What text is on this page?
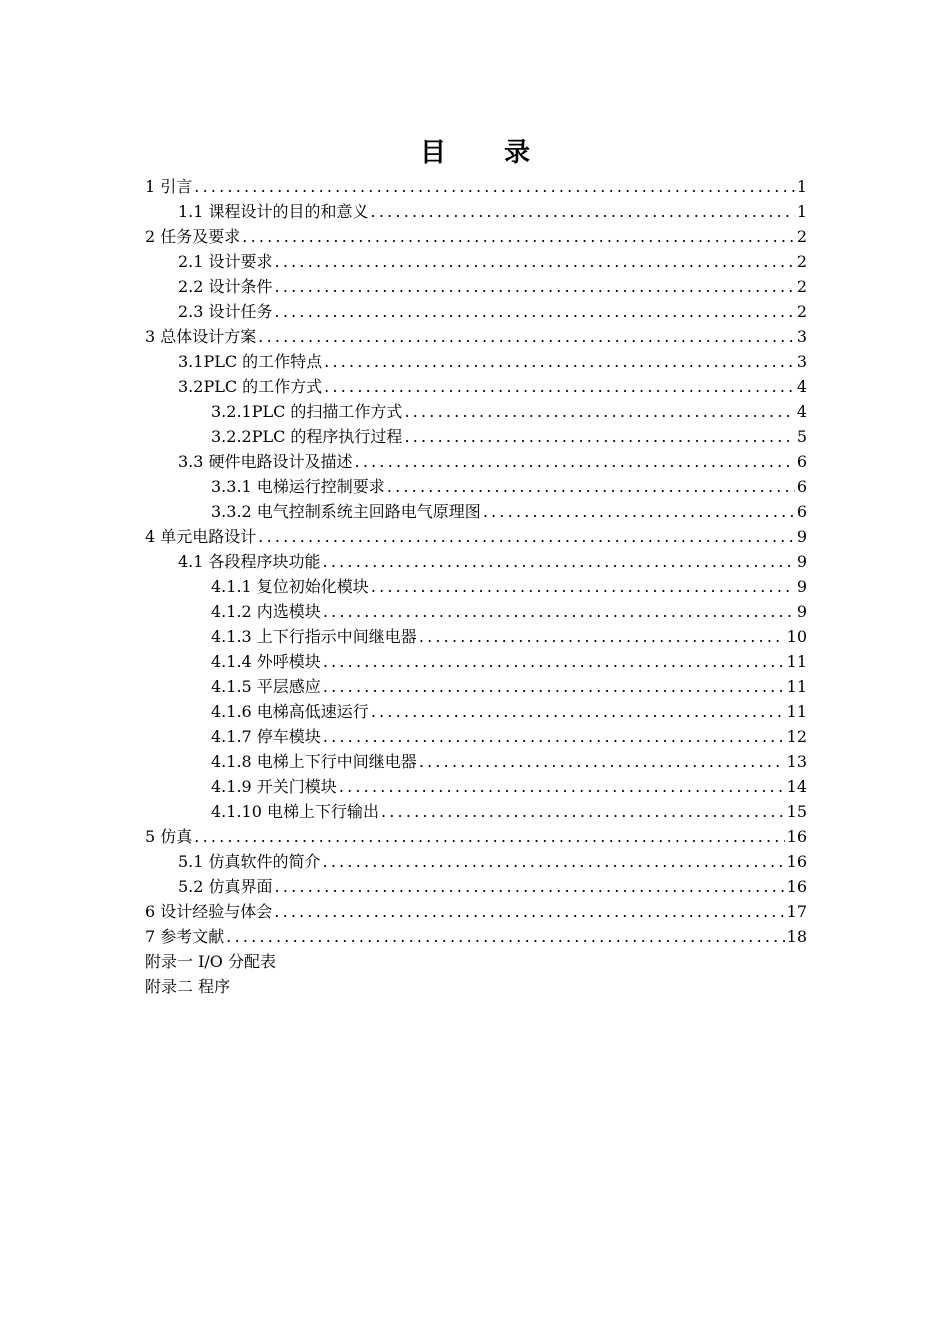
目 录
1 引言 .....	1
1.1 课程设计的目的和意义 .....	1
2 任务及要求 .....	2
2.1 设计要求 .....	2
2.2 设计条件 .....	2
2.3 设计任务 .....	2
3 总体设计方案 .....	3
3.1PLC 的工作特点 .....	3
3.2PLC 的工作方式 .....	4
3.2.1PLC 的扫描工作方式 .....	4
3.2.2PLC 的程序执行过程 .....	5
3.3 硬件电路设计及描述 .....	6
3.3.1 电梯运行控制要求 .....	6
3.3.2 电气控制系统主回路电气原理图 .....	6
4 单元电路设计 .....	9
4.1 各段程序块功能 .....	9
4.1.1 复位初始化模块 .....	9
4.1.2 内选模块 .....	9
4.1.3 上下行指示中间继电器 .....	10
4.1.4 外呼模块 .....	11
4.1.5 平层感应 .....	11
4.1.6 电梯高低速运行 .....	11
4.1.7 停车模块 .....	12
4.1.8 电梯上下行中间继电器 .....	13
4.1.9 开关门模块 .....	14
4.1.10 电梯上下行输出 .....	15
5 仿真 .....	16
5.1 仿真软件的简介 .....	16
5.2 仿真界面 .....	16
6 设计经验与体会 .....	17
7 参考文献 .....	18
附录一 I/O 分配表
附录二 程序
